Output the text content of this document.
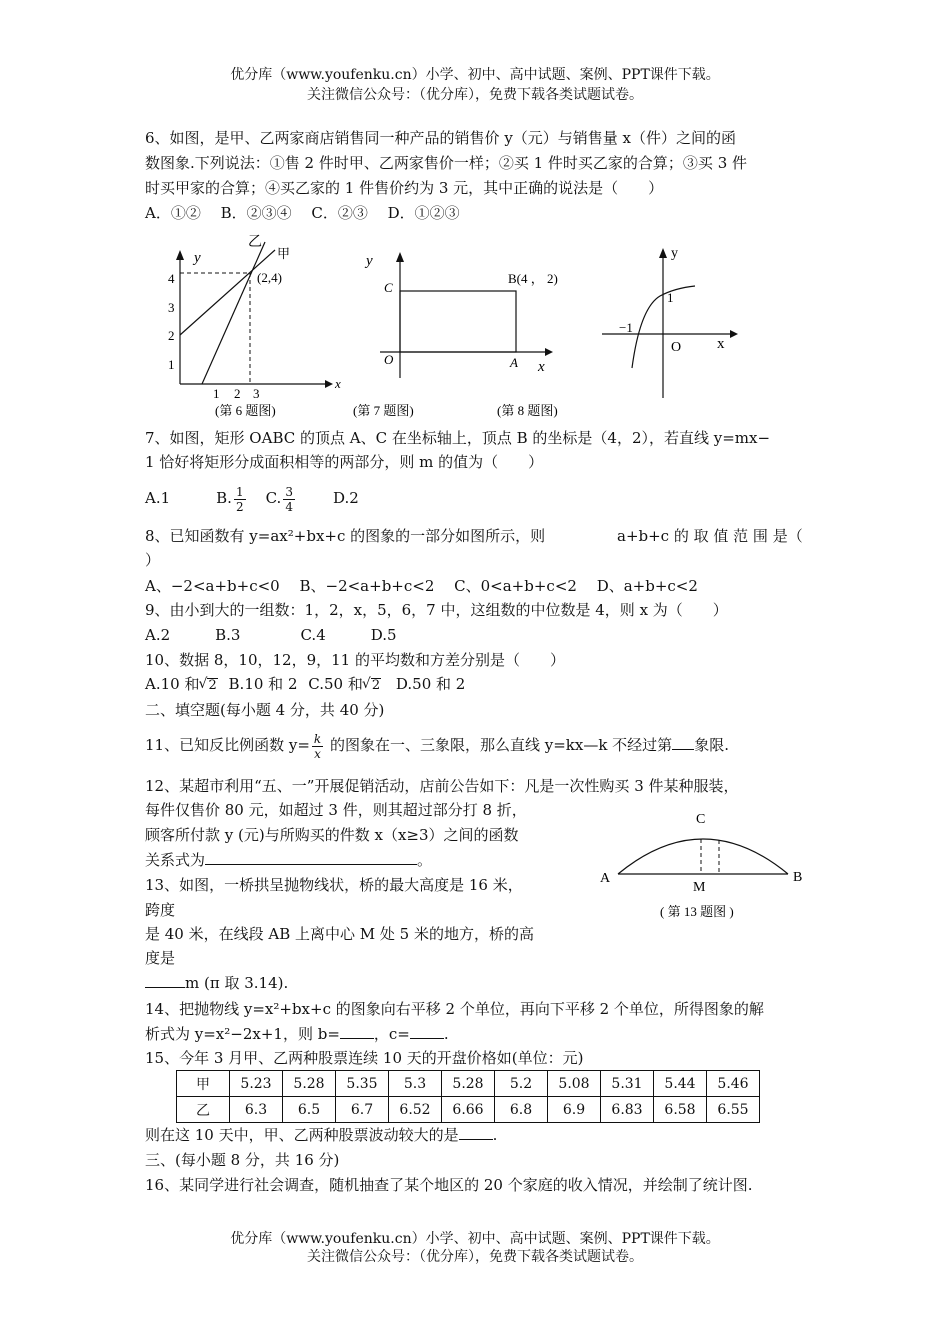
优分库（www.youfenku.cn）小学、初中、高中试题、案例、PPT课件下载。
关注微信公众号：（优分库），免费下载各类试题试卷。
6、如图，是甲、乙两家商店销售同一种产品的销售价 y（元）与销售量 x（件）之间的函
数图象.下列说法：①售 2 件时甲、乙两家售价一样；②买 1 件时买乙家的合算；③买 3 件
时买甲家的合算；④买乙家的 1 件售价约为 3 元，其中正确的说法是（　　）
A．①②　 B．②③④　 C．②③　 D．①②③
y
x
乙
甲
(2,4)
4
3
2
1
1 2 3
(第 6 题图)
y
x
O	A
C
B(4 ， 2)
(第 7 题图)
y
x
O
1
−1
(第 8 题图)
7、如图，矩形 OABC 的顶点 A、C 在坐标轴上，顶点 B 的坐标是（4，2），若直线 y=mx−
1 恰好将矩形分成面积相等的两部分，则 m 的值为（　　）
A.1	B. $\frac{1}{2} C$. $\frac{3}{4}$	D.2
8、已知函数有 y=ax²+bx+c 的图象的一部分如图所示，则	a+b+c 的 取 值 范 围 是（
）
A、−2<a+b+c<0　 B、−2<a+b+c<2　 C、0<a+b+c<2　 D、a+b+c<2
9、由小到大的一组数：1，2，x，5，6，7 中，这组数的中位数是 4，则 x 为（　　）
A.2　　　B.3　　　　C.4　　　D.5
10、数据 8，10，12，9，11 的平均数和方差分别是（　　）
A.10 和 √ 2 B.10 和 2 C.50 和 √ 2 D.50 和 2
二、填空题(每小题 4 分，共 40 分)
11、已知反比例函数 $y= \frac{k}{x}$ 的图象在一、三象限，那么直线 y=kx—k 不经过第 象限.
12、某超市利用“五、一”开展促销活动，店前公告如下：凡是一次性购买 3 件某种服装，
每件仅售价 80 元，如超过 3 件，则其超过部分打 8 折，
顾客所付款 y (元)与所购买的件数 x（x≥3）之间的函数
关系式为	。
13、如图，一桥拱呈抛物线状，桥的最大高度是 16 米，
跨度
是 40 米，在线段 AB 上离中心 M 处 5 米的地方，桥的高
度是
m (π 取 3.14).
A	B
C
M
( 第 13 题图 )
14、把抛物线 y=x²+bx+c 的图象向右平移 2 个单位，再向下平移 2 个单位，所得图象的解
析式为 y=x²−2x+1，则 b= ，c= .
15、今年 3 月甲、乙两种股票连续 10 天的开盘价格如(单位：元)
甲	5.23	5.28	5.35	5.3	5.28	5.2	5.08	5.31	5.44	5.46
乙	6.3	6.5	6.7	6.52	6.66	6.8	6.9	6.83	6.58	6.55
则在这 10 天中，甲、乙两种股票波动较大的是 .
三、(每小题 8 分，共 16 分)
16、某同学进行社会调查，随机抽查了某个地区的 20 个家庭的收入情况，并绘制了统计图.
优分库（www.youfenku.cn）小学、初中、高中试题、案例、PPT课件下载。
关注微信公众号：（优分库），免费下载各类试题试卷。
